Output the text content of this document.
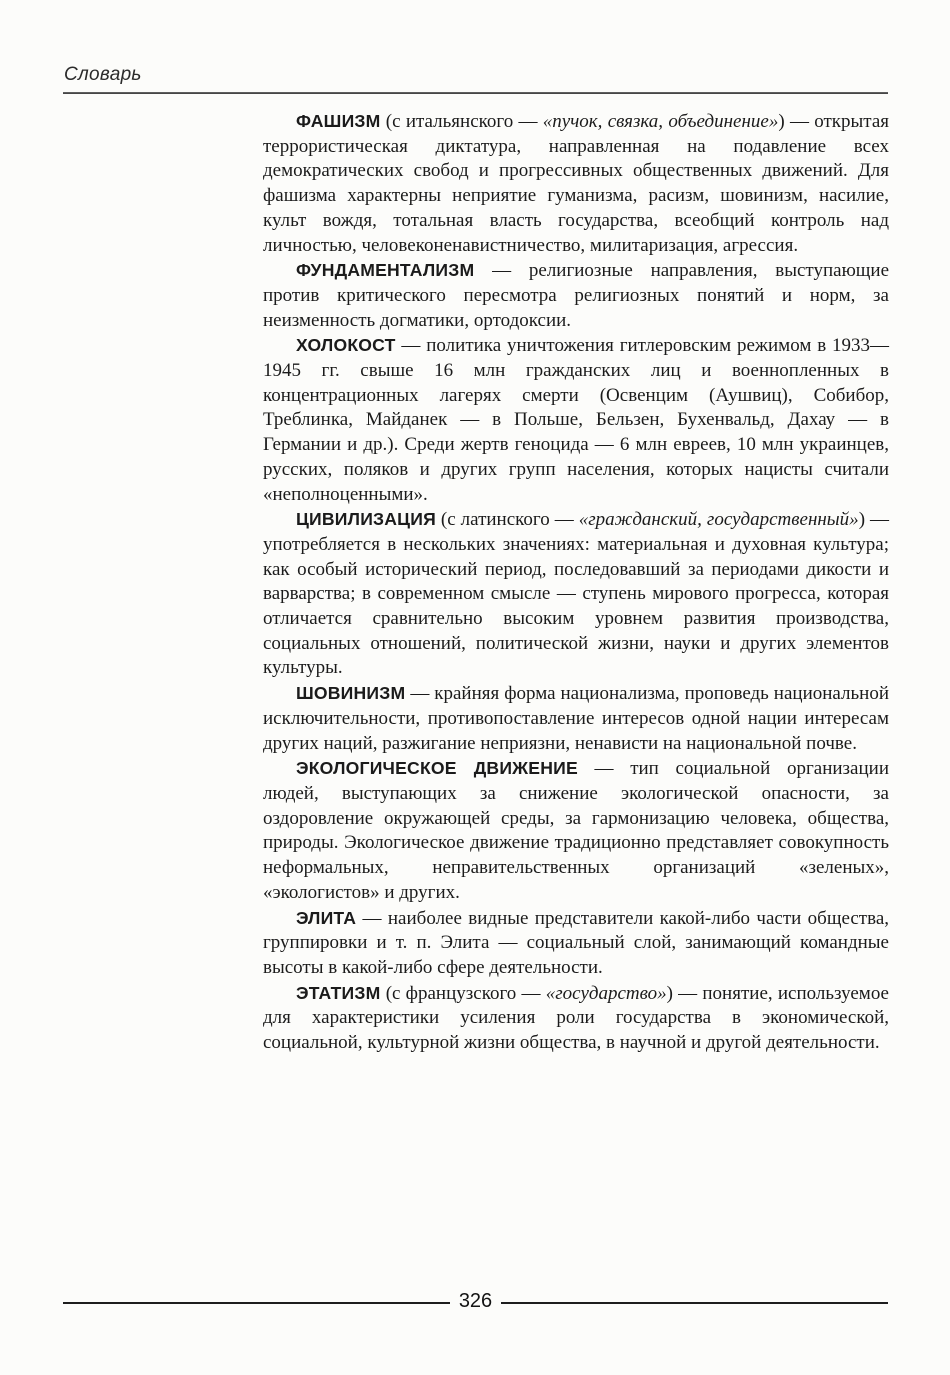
Словарь

ФАШИЗМ (с итальянского — «пучок, связка, объединение») — открытая террористическая диктатура, направленная на подавление всех демократических свобод и прогрессивных общественных движений. Для фашизма характерны неприятие гуманизма, расизм, шовинизм, насилие, культ вождя, тотальная власть государства, всеобщий контроль над личностью, человеконенавистничество, милитаризация, агрессия.

ФУНДАМЕНТАЛИЗМ — религиозные направления, выступающие против критического пересмотра религиозных понятий и норм, за неизменность догматики, ортодоксии.

ХОЛОКОСТ — политика уничтожения гитлеровским режимом в 1933—1945 гг. свыше 16 млн гражданских лиц и военнопленных в концентрационных лагерях смерти (Освенцим (Аушвиц), Собибор, Треблинка, Майданек — в Польше, Бельзен, Бухенвальд, Дахау — в Германии и др.). Среди жертв геноцида — 6 млн евреев, 10 млн украинцев, русских, поляков и других групп населения, которых нацисты считали «неполноценными».

ЦИВИЛИЗАЦИЯ (с латинского — «гражданский, государственный») — употребляется в нескольких значениях: материальная и духовная культура; как особый исторический период, последовавший за периодами дикости и варварства; в современном смысле — ступень мирового прогресса, которая отличается сравнительно высоким уровнем развития производства, социальных отношений, политической жизни, науки и других элементов культуры.

ШОВИНИЗМ — крайняя форма национализма, проповедь национальной исключительности, противопоставление интересов одной нации интересам других наций, разжигание неприязни, ненависти на национальной почве.

ЭКОЛОГИЧЕСКОЕ ДВИЖЕНИЕ — тип социальной организации людей, выступающих за снижение экологической опасности, за оздоровление окружающей среды, за гармонизацию человека, общества, природы. Экологическое движение традиционно представляет совокупность неформальных, неправительственных организаций «зеленых», «экологистов» и других.

ЭЛИТА — наиболее видные представители какой-либо части общества, группировки и т. п. Элита — социальный слой, занимающий командные высоты в какой-либо сфере деятельности.

ЭТАТИЗМ (с французского — «государство») — понятие, используемое для характеристики усиления роли государства в экономической, социальной, культурной жизни общества, в научной и другой деятельности.

326
